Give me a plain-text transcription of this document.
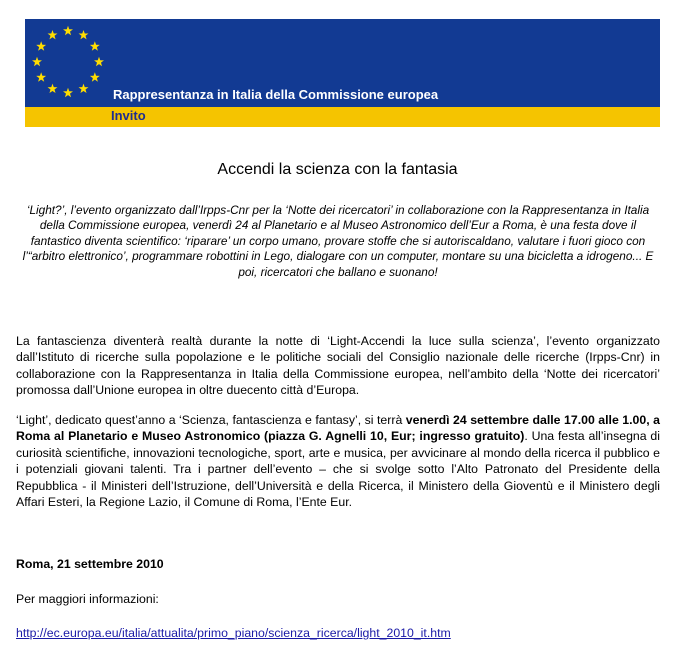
Rappresentanza in Italia della Commissione europea
Invito
Accendi la scienza con la fantasia
‘Light?’, l’evento organizzato dall’Irpps-Cnr per la ‘Notte dei ricercatori’ in collaborazione con la Rappresentanza in Italia della Commissione europea, venerdì 24 al Planetario e al Museo Astronomico dell’Eur a Roma, è una festa dove il fantastico diventa scientifico: ‘riparare’ un corpo umano, provare stoffe che si autoriscaldano, valutare i fuori gioco con l’“arbitro elettronico’, programmare robottini in Lego, dialogare con un computer, montare su una bicicletta a idrogeno... E poi, ricercatori che ballano e suonano!
La fantascienza diventerà realtà durante la notte di ‘Light-Accendi la luce sulla scienza’, l’evento organizzato dall’Istituto di ricerche sulla popolazione e le politiche sociali del Consiglio nazionale delle ricerche (Irpps-Cnr) in collaborazione con la Rappresentanza in Italia della Commissione europea, nell’ambito della ‘Notte dei ricercatori’ promossa dall’Unione europea in oltre duecento città d’Europa.
‘Light’, dedicato quest’anno a ‘Scienza, fantascienza e fantasy’, si terrà venerdì 24 settembre dalle 17.00 alle 1.00, a Roma al Planetario e Museo Astronomico (piazza G. Agnelli 10, Eur; ingresso gratuito). Una festa all’insegna di curiosità scientifiche, innovazioni tecnologiche, sport, arte e musica, per avvicinare al mondo della ricerca il pubblico e i potenziali giovani talenti. Tra i partner dell’evento – che si svolge sotto l’Alto Patronato del Presidente della Repubblica - il Ministeri dell’Istruzione, dell’Università e della Ricerca, il Ministero della Gioventù e il Ministero degli Affari Esteri, la Regione Lazio, il Comune di Roma, l’Ente Eur.
Roma, 21 settembre 2010
Per maggiori informazioni:
http://ec.europa.eu/italia/attualita/primo_piano/scienza_ricerca/light_2010_it.htm
